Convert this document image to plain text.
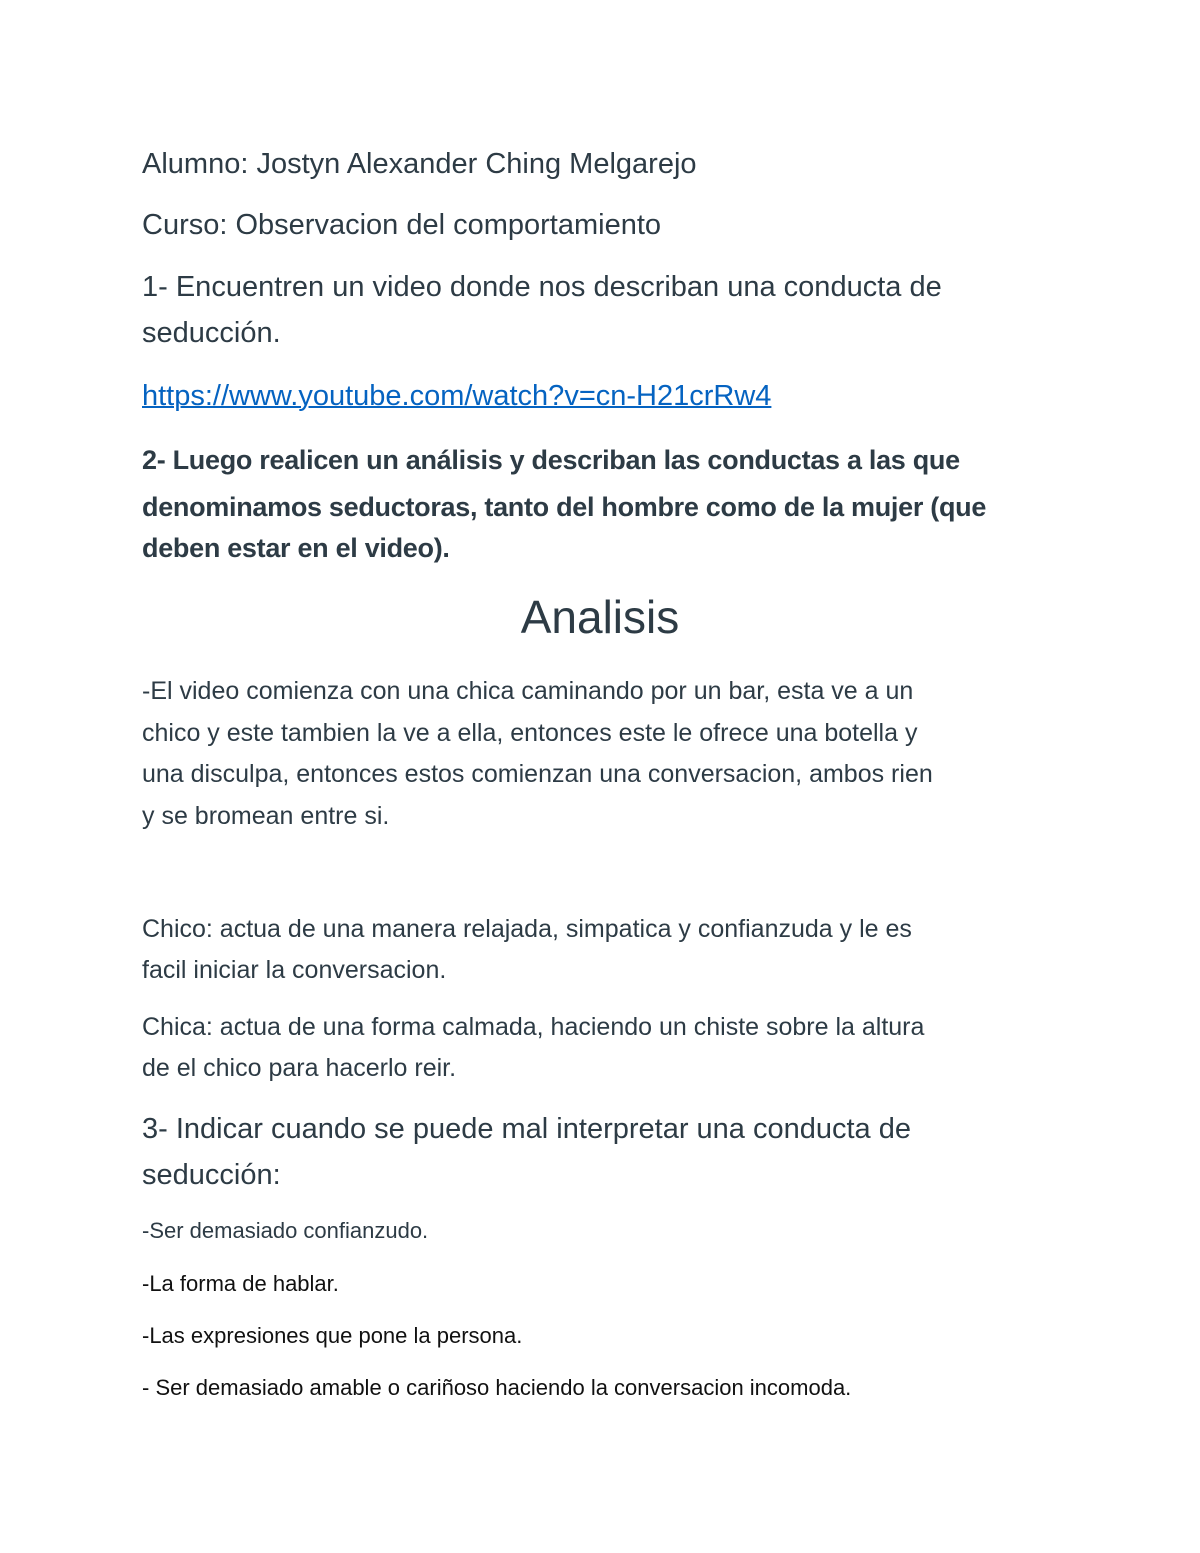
Alumno: Jostyn Alexander Ching Melgarejo
Curso: Observacion del comportamiento
1- Encuentren un video donde nos describan una conducta de
seducción.
https://www.youtube.com/watch?v=cn-H21crRw4
2- Luego realicen un análisis y describan las conductas a las que
denominamos seductoras, tanto del hombre como de la mujer (que
deben estar en el video).
Analisis
-El video comienza con una chica caminando por un bar, esta ve a un
chico y este tambien la ve a ella, entonces este le ofrece una botella y
una disculpa, entonces estos comienzan una conversacion, ambos rien
y se bromean entre si.
Chico: actua de una manera relajada, simpatica y confianzuda y le es
facil iniciar la conversacion.
Chica: actua de una forma calmada, haciendo un chiste sobre la altura
de el chico para hacerlo reir.
3- Indicar cuando se puede mal interpretar una conducta de
seducción:
-Ser demasiado confianzudo.
-La forma de hablar.
-Las expresiones que pone la persona.
- Ser demasiado amable o cariñoso haciendo la conversacion incomoda.
